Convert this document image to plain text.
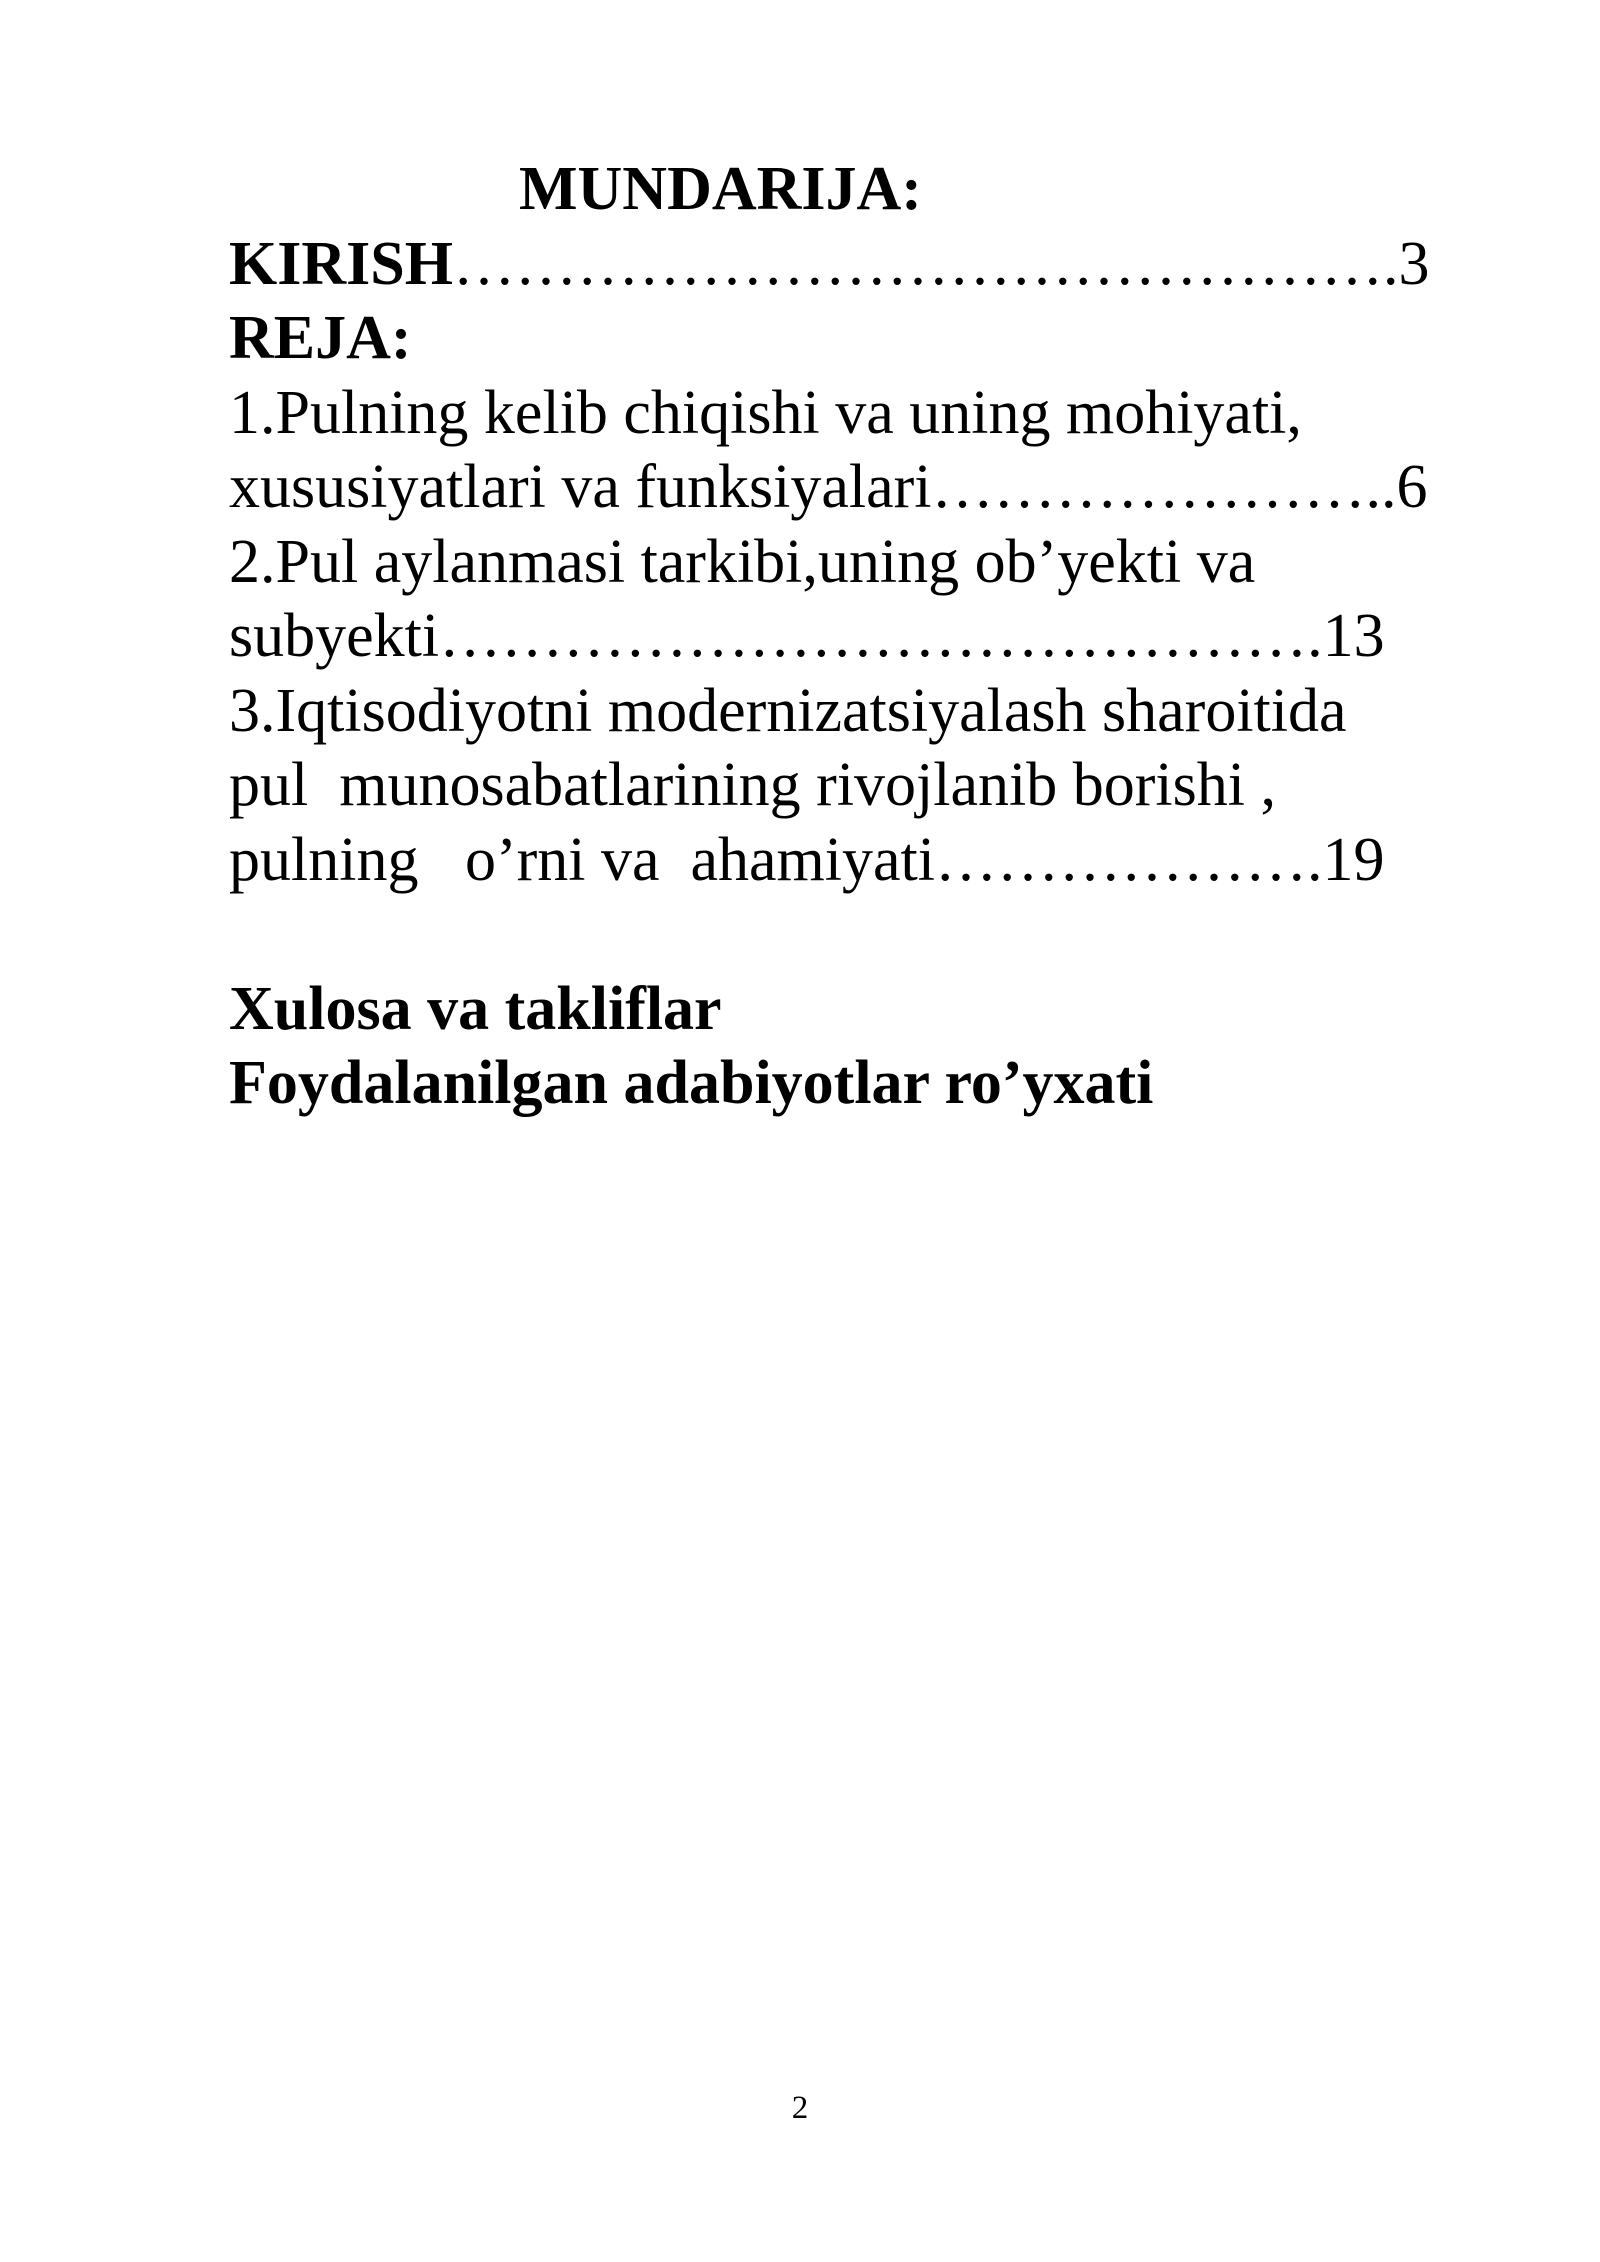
MUNDARIJA:

KIRISH……………………………………….3

REJA:

1.Pulning kelib chiqishi va uning mohiyati,

xususiyatlari va funksiyalari…………………..6

2.Pul aylanmasi tarkibi,uning ob’yekti va

subyekti…………………………………….13

3.Iqtisodiyotni modernizatsiyalash sharoitida

pul  munosabatlarining rivojlanib borishi ,

pulning   o’rni va  ahamiyati……………….19

Xulosa va takliflar

Foydalanilgan adabiyotlar ro’yxati

2
